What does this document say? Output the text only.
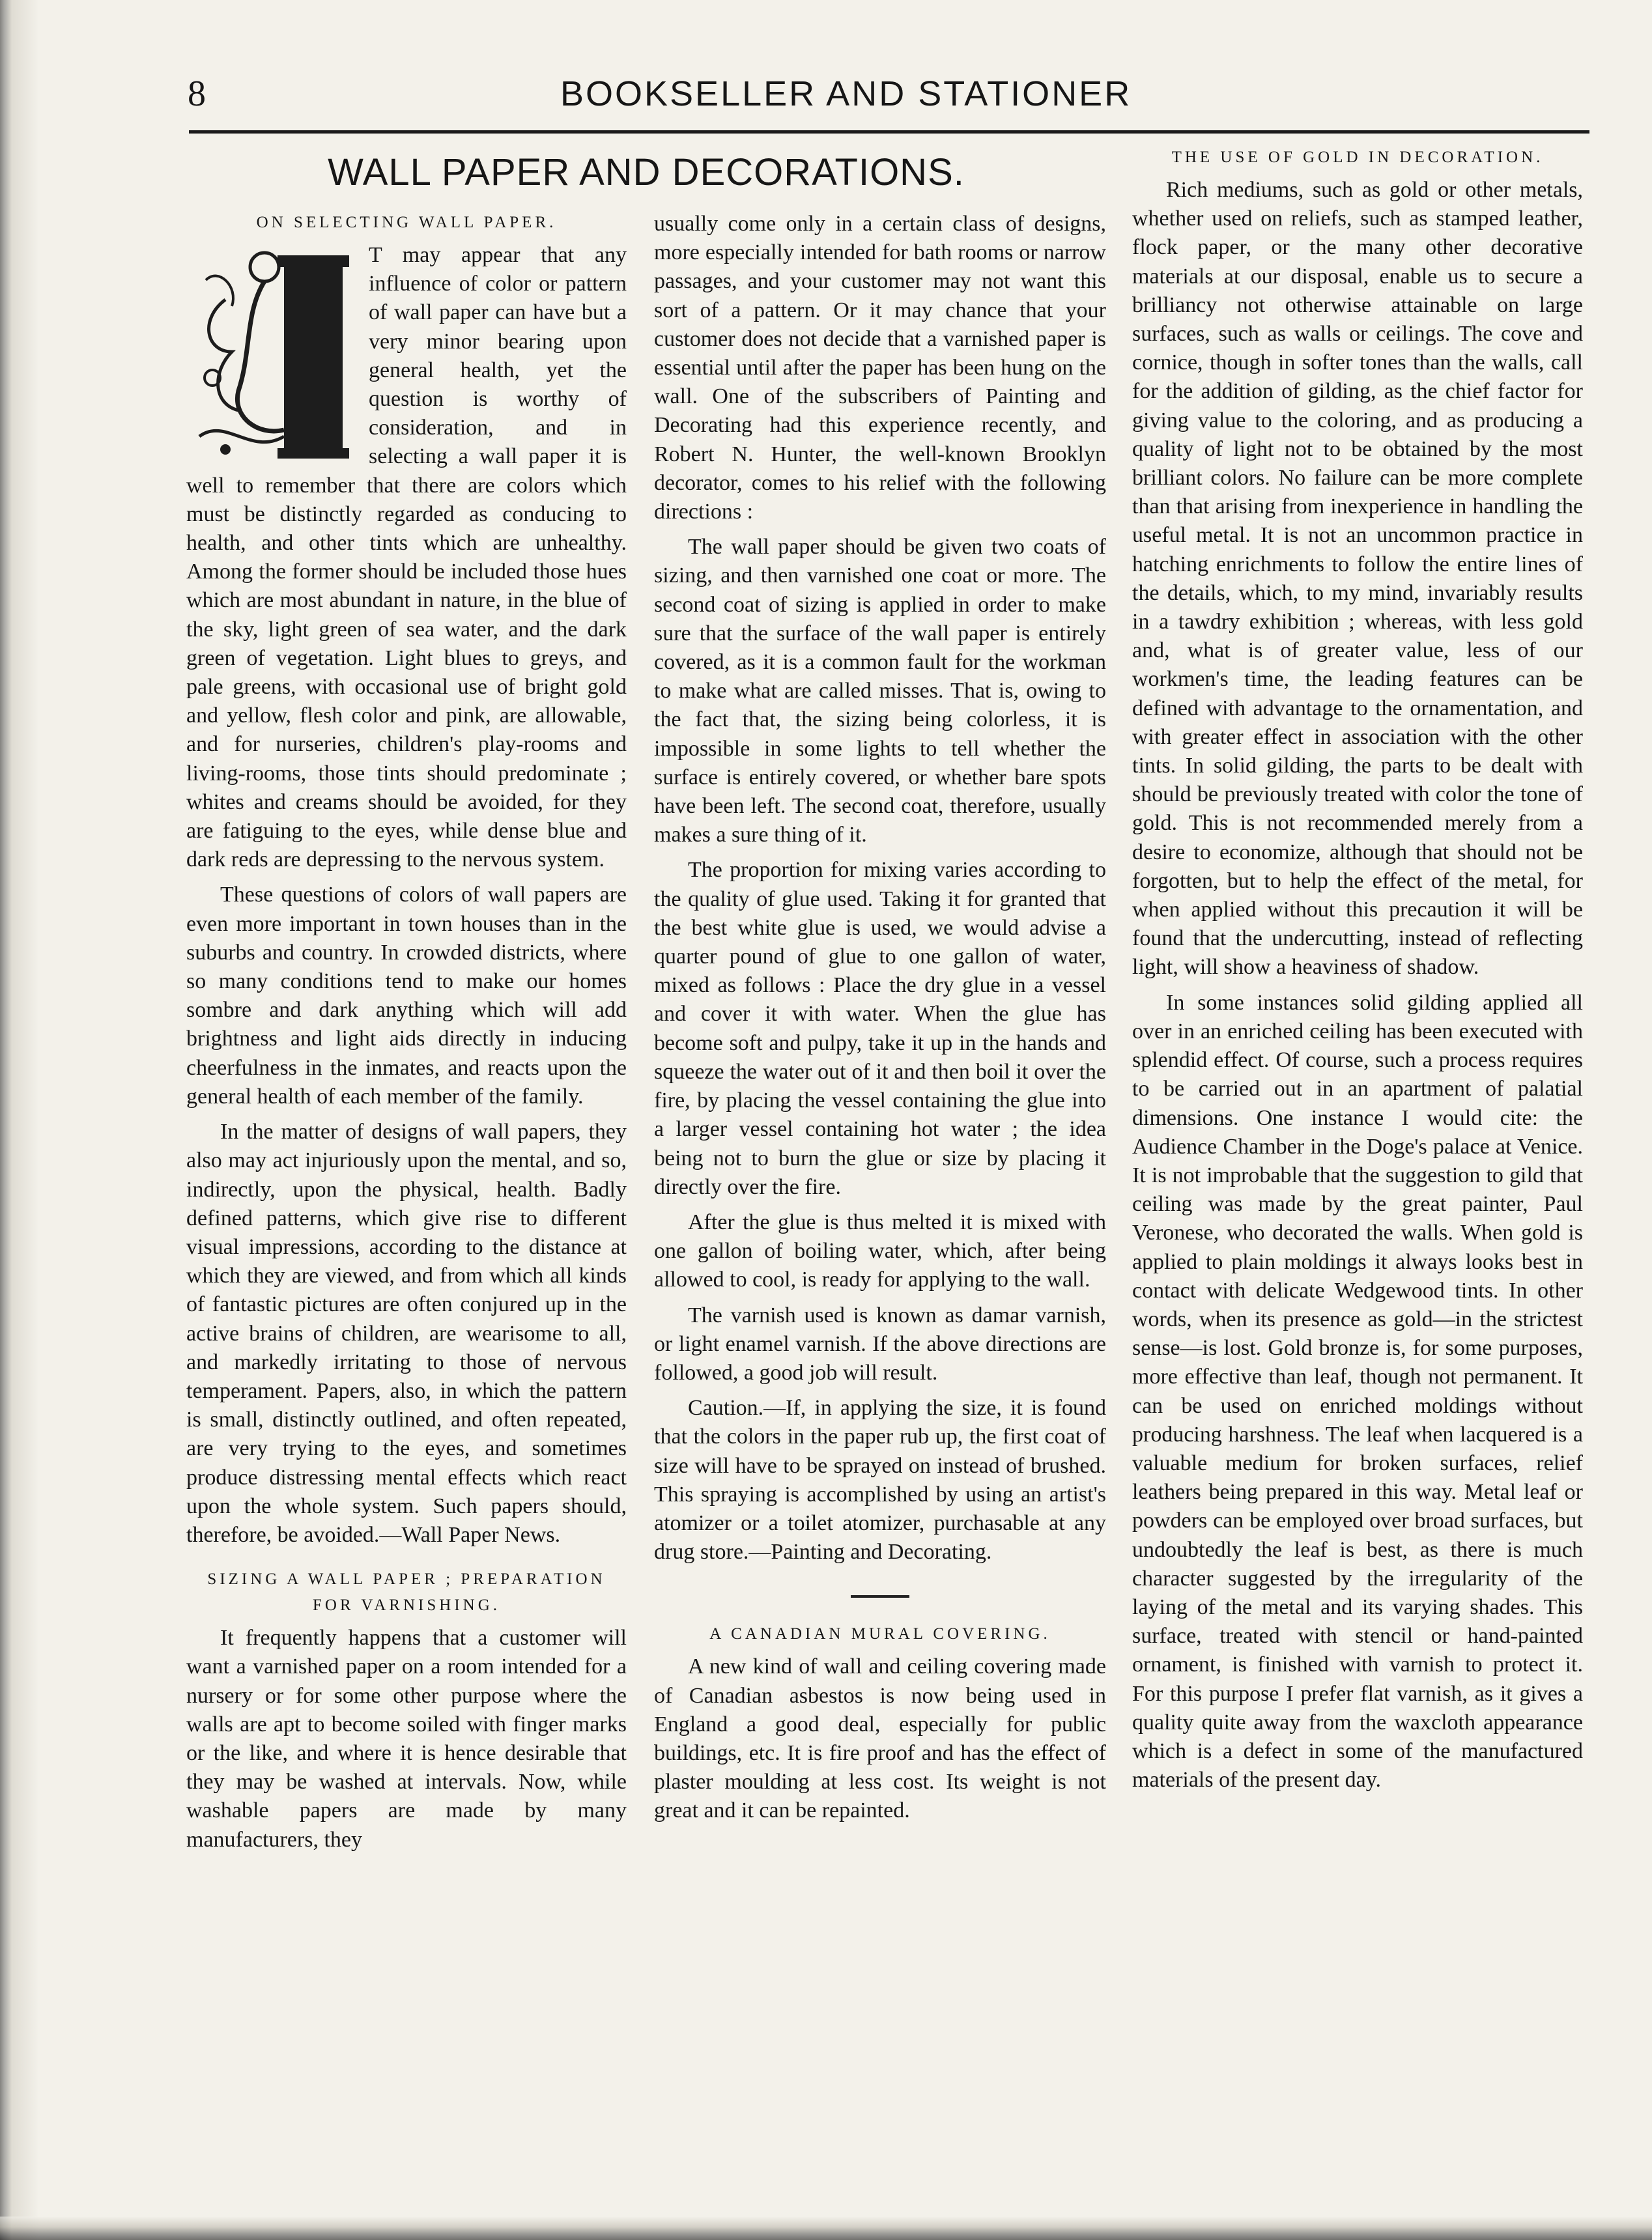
8	BOOKSELLER AND STATIONER
WALL PAPER AND DECORATIONS.
ON SELECTING WALL PAPER.

T may appear that any influence of color or pattern of wall paper can have but a very minor bearing upon general health, yet the question is worthy of consideration, and in selecting a wall paper it is well to remember that there are colors which must be distinctly regarded as conducing to health, and other tints which are unhealthy. Among the former should be included those hues which are most abundant in nature, in the blue of the sky, light green of sea water, and the dark green of vegetation. Light blues to greys, and pale greens, with occasional use of bright gold and yellow, flesh color and pink, are allowable, and for nurseries, children's play-rooms and living-rooms, those tints should predominate ; whites and creams should be avoided, for they are fatiguing to the eyes, while dense blue and dark reds are depressing to the nervous system.

These questions of colors of wall papers are even more important in town houses than in the suburbs and country. In crowded districts, where so many conditions tend to make our homes sombre and dark anything which will add brightness and light aids directly in inducing cheerfulness in the inmates, and reacts upon the general health of each member of the family.

In the matter of designs of wall papers, they also may act injuriously upon the mental, and so, indirectly, upon the physical, health. Badly defined patterns, which give rise to different visual impressions, according to the distance at which they are viewed, and from which all kinds of fantastic pictures are often conjured up in the active brains of children, are wearisome to all, and markedly irritating to those of nervous temperament. Papers, also, in which the pattern is small, distinctly outlined, and often repeated, are very trying to the eyes, and sometimes produce distressing mental effects which react upon the whole system. Such papers should, therefore, be avoided.—Wall Paper News.

SIZING A WALL PAPER ; PREPARATION FOR VARNISHING.

It frequently happens that a customer will want a varnished paper on a room intended for a nursery or for some other purpose where the walls are apt to become soiled with finger marks or the like, and where it is hence desirable that they may be washed at intervals. Now, while washable papers are made by many manufacturers, they

usually come only in a certain class of designs, more especially intended for bath rooms or narrow passages, and your customer may not want this sort of a pattern. Or it may chance that your customer does not decide that a varnished paper is essential until after the paper has been hung on the wall. One of the subscribers of Painting and Decorating had this experience recently, and Robert N. Hunter, the well-known Brooklyn decorator, comes to his relief with the following directions :

The wall paper should be given two coats of sizing, and then varnished one coat or more. The second coat of sizing is applied in order to make sure that the surface of the wall paper is entirely covered, as it is a common fault for the workman to make what are called misses. That is, owing to the fact that, the sizing being colorless, it is impossible in some lights to tell whether the surface is entirely covered, or whether bare spots have been left. The second coat, therefore, usually makes a sure thing of it.

The proportion for mixing varies according to the quality of glue used. Taking it for granted that the best white glue is used, we would advise a quarter pound of glue to one gallon of water, mixed as follows : Place the dry glue in a vessel and cover it with water. When the glue has become soft and pulpy, take it up in the hands and squeeze the water out of it and then boil it over the fire, by placing the vessel containing the glue into a larger vessel containing hot water ; the idea being not to burn the glue or size by placing it directly over the fire.

After the glue is thus melted it is mixed with one gallon of boiling water, which, after being allowed to cool, is ready for applying to the wall.

The varnish used is known as damar varnish, or light enamel varnish. If the above directions are followed, a good job will result.

Caution.—If, in applying the size, it is found that the colors in the paper rub up, the first coat of size will have to be sprayed on instead of brushed. This spraying is accomplished by using an artist's atomizer or a toilet atomizer, purchasable at any drug store.—Painting and Decorating.

A CANADIAN MURAL COVERING.

A new kind of wall and ceiling covering made of Canadian asbestos is now being used in England a good deal, especially for public buildings, etc. It is fire proof and has the effect of plaster moulding at less cost. Its weight is not great and it can be repainted.

THE USE OF GOLD IN DECORATION.

Rich mediums, such as gold or other metals, whether used on reliefs, such as stamped leather, flock paper, or the many other decorative materials at our disposal, enable us to secure a brilliancy not otherwise attainable on large surfaces, such as walls or ceilings. The cove and cornice, though in softer tones than the walls, call for the addition of gilding, as the chief factor for giving value to the coloring, and as producing a quality of light not to be obtained by the most brilliant colors. No failure can be more complete than that arising from inexperience in handling the useful metal. It is not an uncommon practice in hatching enrichments to follow the entire lines of the details, which, to my mind, invariably results in a tawdry exhibition ; whereas, with less gold and, what is of greater value, less of our workmen's time, the leading features can be defined with advantage to the ornamentation, and with greater effect in association with the other tints. In solid gilding, the parts to be dealt with should be previously treated with color the tone of gold. This is not recommended merely from a desire to economize, although that should not be forgotten, but to help the effect of the metal, for when applied without this precaution it will be found that the undercutting, instead of reflecting light, will show a heaviness of shadow.

In some instances solid gilding applied all over in an enriched ceiling has been executed with splendid effect. Of course, such a process requires to be carried out in an apartment of palatial dimensions. One instance I would cite: the Audience Chamber in the Doge's palace at Venice. It is not improbable that the suggestion to gild that ceiling was made by the great painter, Paul Veronese, who decorated the walls. When gold is applied to plain moldings it always looks best in contact with delicate Wedgewood tints. In other words, when its presence as gold—in the strictest sense—is lost. Gold bronze is, for some purposes, more effective than leaf, though not permanent. It can be used on enriched moldings without producing harshness. The leaf when lacquered is a valuable medium for broken surfaces, relief leathers being prepared in this way. Metal leaf or powders can be employed over broad surfaces, but undoubtedly the leaf is best, as there is much character suggested by the irregularity of the laying of the metal and its varying shades. This surface, treated with stencil or hand-painted ornament, is finished with varnish to protect it. For this purpose I prefer flat varnish, as it gives a quality quite away from the waxcloth appearance which is a defect in some of the manufactured materials of the present day.
